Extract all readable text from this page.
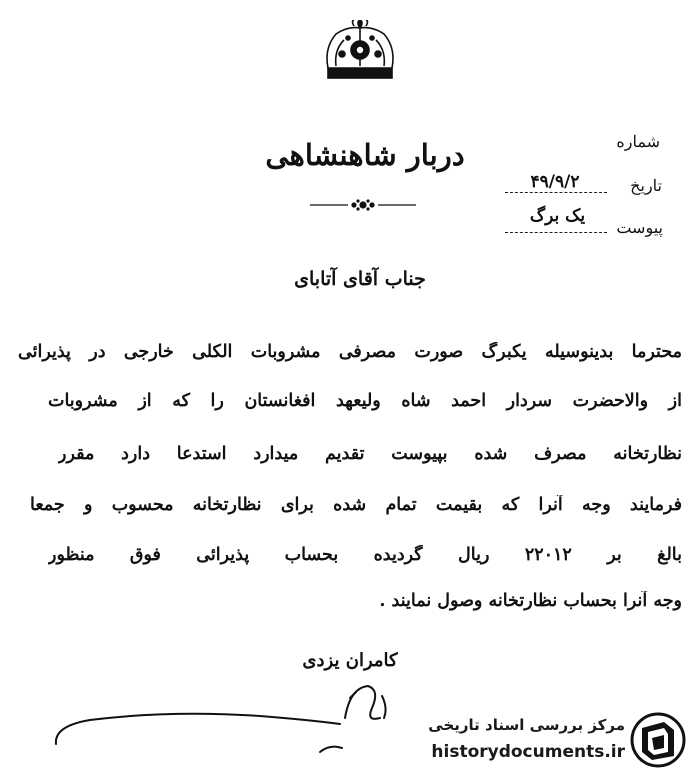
دربار شاهنشاهی	شماره
تاریخ
۴۹/۹/۲
پیوست
یک برگ
جناب آقای آتابای
محترما بدینوسیله یکبرگ صورت مصرفی مشروبات الکلی خارجی در پذیرائی
از والاحضرت سردار احمد شاه ولیعهد افغانستان را که از مشروبات
نظارتخانه مصرف شده بپیوست تقدیم میدارد استدعا دارد مقرر
فرمایند وجه آنرا که بقیمت تمام شده برای نظارتخانه محسوب و جمعا
بالغ بر ۲۲۰۱۲ ریال گردیده بحساب پذیرائی فوق منظور
وجه آنرا بحساب نظارتخانه وصول نمایند .
کامران یزدی
مرکز بررسی اسناد تاریخی
historydocuments.ir
